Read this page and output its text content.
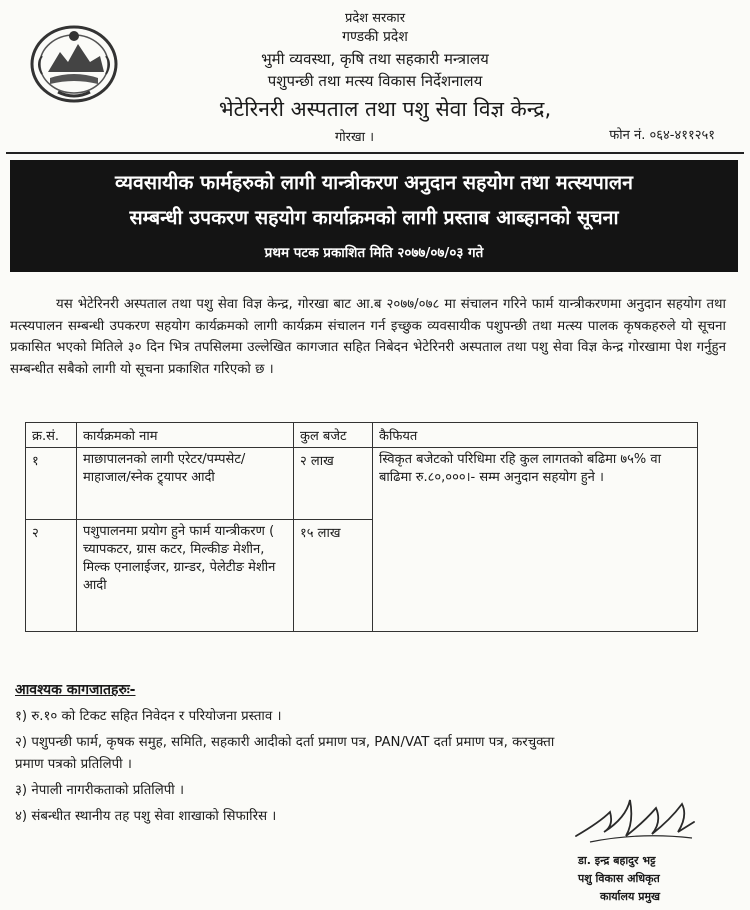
प्रदेश सरकार
गण्डकी प्रदेश
भुमी व्यवस्था, कृषि तथा सहकारी मन्त्रालय
पशुपन्छी तथा मत्स्य विकास निर्देशनालय
भेटेरिनरी अस्पताल तथा पशु सेवा विज्ञ केन्द्र,
गोरखा ।	फोन नं. ०६४-४११२५१
व्यवसायीक फार्महरुको लागी यान्त्रीकरण अनुदान सहयोग तथा मत्स्यपालन
सम्बन्धी उपकरण सहयोग कार्याक्रमको लागी प्रस्ताब आब्हानको सूचना
प्रथम पटक प्रकाशित मिति २०७७/०७/०३ गते
यस भेटेरिनरी अस्पताल तथा पशु सेवा विज्ञ केन्द्र, गोरखा बाट आ.ब २०७७/०७८ मा संचालन गरिने फार्म यान्त्रीकरणमा अनुदान सहयोग तथा मत्स्यपालन सम्बन्धी उपकरण सहयोग कार्यक्रमको लागी कार्यक्रम संचालन गर्न इच्छुक व्यवसायीक पशुपन्छी तथा मत्स्य पालक कृषकहरुले यो सूचना प्रकासित भएको मितिले ३० दिन भित्र तपसिलमा उल्लेखित कागजात सहित निबेदन भेटेरिनरी अस्पताल तथा पशु सेवा विज्ञ केन्द्र गोरखामा पेश गर्नुहुन सम्बन्धीत सबैको लागी यो सूचना प्रकाशित गरिएको छ ।
क्र.सं.	कार्यक्रमको नाम	कुल बजेट	कैफियत
१	माछापालनको लागी एरेटर/पम्पसेट/माहाजाल/स्नेक ट्र्यापर आदी	२ लाख	स्विकृत बजेटको परिधिमा रहि कुल लागतको बढिमा ७५% वा बाढिमा रु.८०,०००।- सम्म अनुदान सहयोग हुने ।
२	पशुपालनमा प्रयोग हुने फार्म यान्त्रीकरण ( च्यापकटर, ग्रास कटर, मिल्कीङ मेशीन, मिल्क एनालाईजर, ग्रान्डर, पेलेटीङ मेशीन आदी	१५ लाख	
आवश्यक कागजातहरुः-
१) रु.१० को टिकट सहित निवेदन र परियोजना प्रस्ताव ।
२) पशुपन्छी फार्म, कृषक समुह, समिति, सहकारी आदीको दर्ता प्रमाण पत्र, PAN/VAT दर्ता प्रमाण पत्र, करचुक्ता
प्रमाण पत्रको प्रतिलिपी ।
३) नेपाली नागरीकताको प्रतिलिपी ।
४) संबन्धीत स्थानीय तह पशु सेवा शाखाको सिफारिस ।
डा. इन्द्र बहादुर भट्ट
पशु विकास अधिकृत
कार्यालय प्रमुख
